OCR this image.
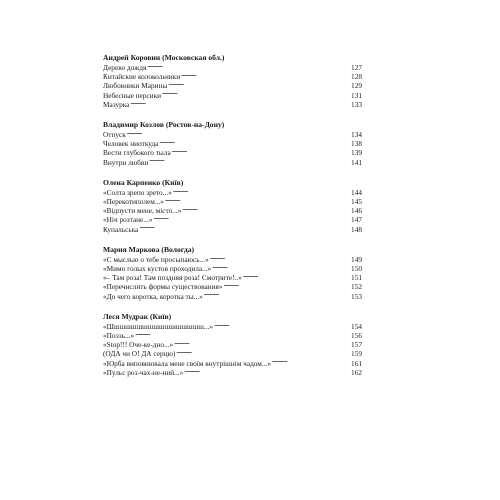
Андрей Коровин (Московская обл.)
Дерево дождя . . .	127
Китайские колокольчики . . .	128
Любовники Марины . . .	129
Небесные персики . . .	131
Мазурка . . .	133
Владимир Козлов (Ростов-на-Дону)
Отпуск . . .	134
Человек ниоткуда . . .	138
Вести глубокого тыла . . .	139
Внутри любви . . .	141
Олена Карпенко (Київ)
«Солта зрепо зрето...» . . .	144
«Перекотиполем...» . . .	145
«Відпусти мене, місто...» . . .	146
«Ніч розтане...» . . .	147
Купальська . . .	148
Мария Маркова (Вологда)
«С мыслью о тебе просыпаюсь...» . . .	149
«Мимо голых кустов проходила...» . . .	150
«– Там роза! Там поздняя роза! Смотрите!..» . . .	151
«Перечислить формы существования» . . .	152
«До чего коротка, коротка ты...» . . .	153
Леся Мудрак (Київ)
«Шшшшшшшшшшшшшшшшш...» . . .	154
«Поэзь...» . . .	156
«Stop!!! Оче-ке-дно...» . . .	157
(ОДА чи О! ДА серцю) . . .	159
«Юрба виповнювала мене своїм внутрішнім чадом...» . . .	161
«Пульс роз-чах-не-ний...» . . .	162
